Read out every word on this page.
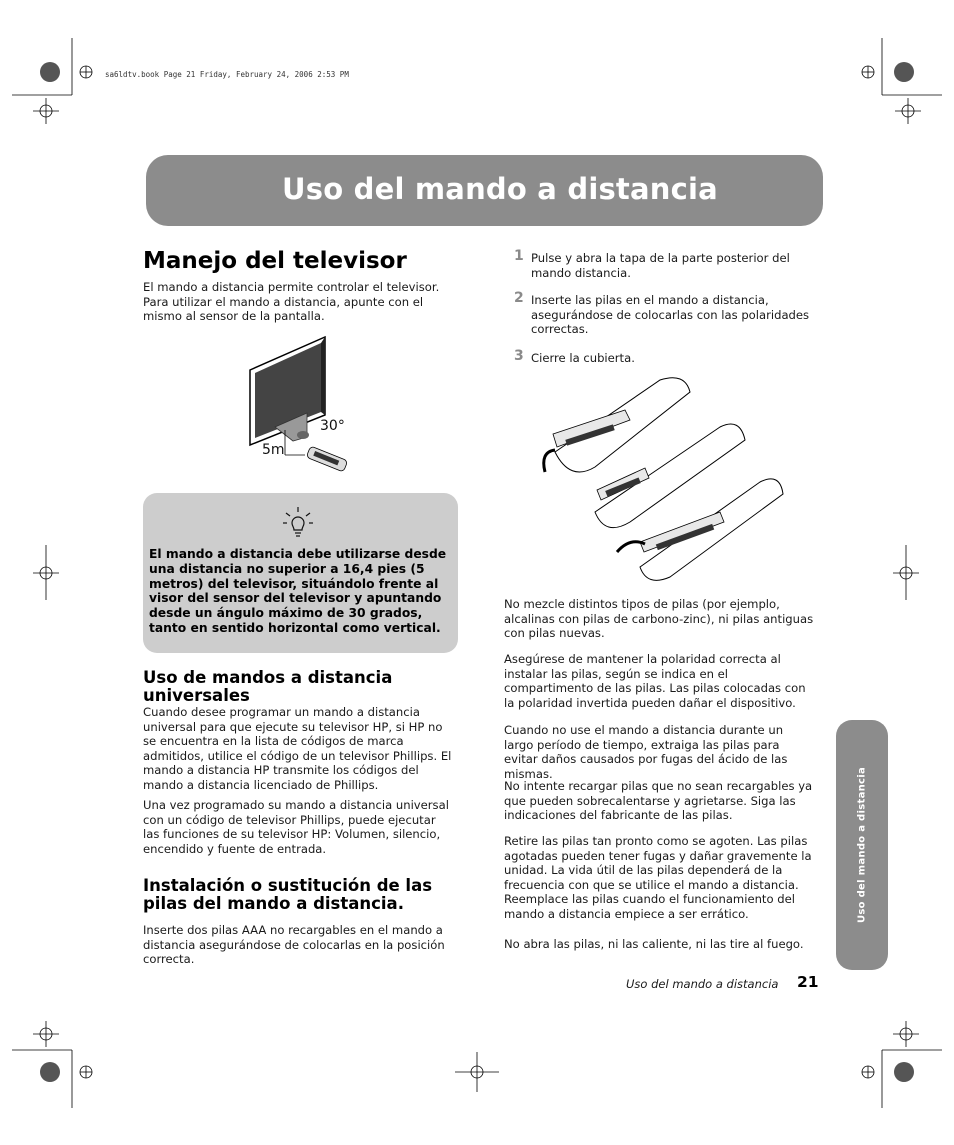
sa6ldtv.book Page 21 Friday, February 24, 2006 2:53 PM
Uso del mando a distancia
Manejo del televisor
El mando a distancia permite controlar el televisor. Para utilizar el mando a distancia, apunte con el mismo al sensor de la pantalla.
30°
5m
El mando a distancia debe utilizarse desde una distancia no superior a 16,4 pies (5 metros) del televisor, situándolo frente al visor del sensor del televisor y apuntando desde un ángulo máximo de 30 grados, tanto en sentido horizontal como vertical.
Uso de mandos a distancia universales
Cuando desee programar un mando a distancia universal para que ejecute su televisor HP, si HP no se encuentra en la lista de códigos de marca admitidos, utilice el código de un televisor Phillips. El mando a distancia HP transmite los códigos del mando a distancia licenciado de Phillips.
Una vez programado su mando a distancia universal con un código de televisor Phillips, puede ejecutar las funciones de su televisor HP: Volumen, silencio, encendido y fuente de entrada.
Instalación o sustitución de las pilas del mando a distancia.
Inserte dos pilas AAA no recargables en el mando a distancia asegurándose de colocarlas en la posición correcta.
1 Pulse y abra la tapa de la parte posterior del mando distancia.
2 Inserte las pilas en el mando a distancia, asegurándose de colocarlas con las polaridades correctas.
3 Cierre la cubierta.
No mezcle distintos tipos de pilas (por ejemplo, alcalinas con pilas de carbono-zinc), ni pilas antiguas con pilas nuevas.
Asegúrese de mantener la polaridad correcta al instalar las pilas, según se indica en el compartimento de las pilas. Las pilas colocadas con la polaridad invertida pueden dañar el dispositivo.
Cuando no use el mando a distancia durante un largo período de tiempo, extraiga las pilas para evitar daños causados por fugas del ácido de las mismas.
No intente recargar pilas que no sean recargables ya que pueden sobrecalentarse y agrietarse. Siga las indicaciones del fabricante de las pilas.
Retire las pilas tan pronto como se agoten. Las pilas agotadas pueden tener fugas y dañar gravemente la unidad. La vida útil de las pilas dependerá de la frecuencia con que se utilice el mando a distancia. Reemplace las pilas cuando el funcionamiento del mando a distancia empiece a ser errático.
No abra las pilas, ni las caliente, ni las tire al fuego.
Uso del mando a distancia
Uso del mando a distancia 21
